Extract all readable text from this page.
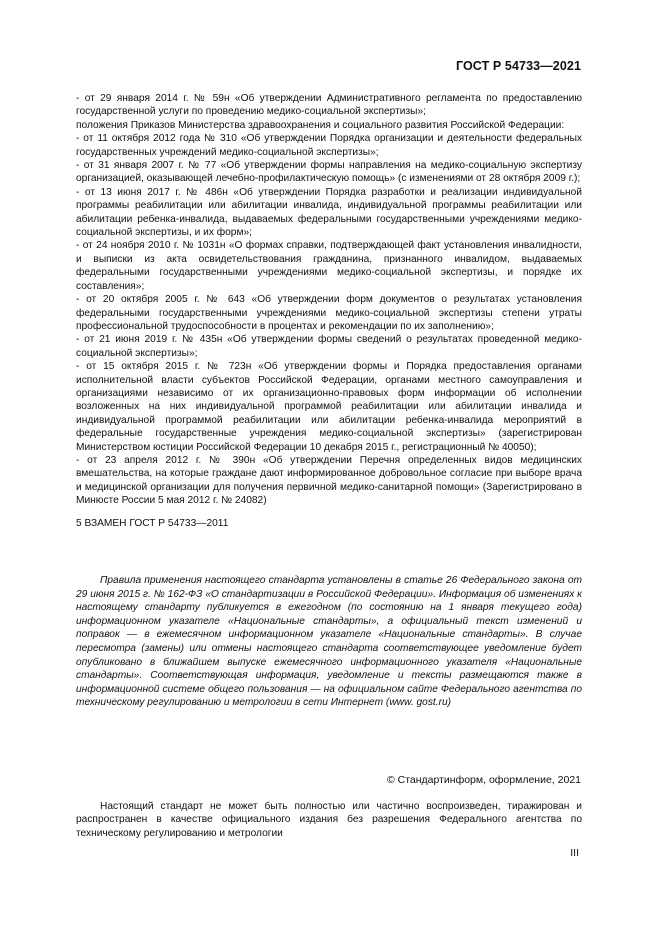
ГОСТ Р 54733—2021

- от 29 января 2014 г. № 59н «Об утверждении Административного регламента по предоставлению государственной услуги по проведению медико-социальной экспертизы»;

положения Приказов Министерства здравоохранения и социального развития Российской Федерации:

- от 11 октября 2012 года № 310 «Об утверждении Порядка организации и деятельности федеральных государственных учреждений медико-социальной экспертизы»;

- от 31 января 2007 г. № 77 «Об утверждении формы направления на медико-социальную экспертизу организацией, оказывающей лечебно-профилактическую помощь» (с изменениями от 28 октября 2009 г.);

- от 13 июня 2017 г. № 486н «Об утверждении Порядка разработки и реализации индивидуальной программы реабилитации или абилитации инвалида, индивидуальной программы реабилитации или абилитации ребенка-инвалида, выдаваемых федеральными государственными учреждениями медико-социальной экспертизы, и их форм»;

- от 24 ноября 2010 г. № 1031н «О формах справки, подтверждающей факт установления инвалидности, и выписки из акта освидетельствования гражданина, признанного инвалидом, выдаваемых федеральными государственными учреждениями медико-социальной экспертизы, и порядке их составления»;

- от 20 октября 2005 г. № 643 «Об утверждении форм документов о результатах установления федеральными государственными учреждениями медико-социальной экспертизы степени утраты профессиональной трудоспособности в процентах и рекомендации по их заполнению»;

- от 21 июня 2019 г. № 435н «Об утверждении формы сведений о результатах проведенной медико-социальной экспертизы»;

- от 15 октября 2015 г. № 723н «Об утверждении формы и Порядка предоставления органами исполнительной власти субъектов Российской Федерации, органами местного самоуправления и организациями независимо от их организационно-правовых форм информации об исполнении возложенных на них индивидуальной программой реабилитации или абилитации инвалида и индивидуальной программой реабилитации или абилитации ребенка-инвалида мероприятий в федеральные государственные учреждения медико-социальной экспертизы» (зарегистрирован Министерством юстиции Российской Федерации 10 декабря 2015 г., регистрационный № 40050);

- от 23 апреля 2012 г. № 390н «Об утверждении Перечня определенных видов медицинских вмешательства, на которые граждане дают информированное добровольное согласие при выборе врача и медицинской организации для получения первичной медико-санитарной помощи» (Зарегистрировано в Минюсте России 5 мая 2012 г. № 24082)

5 ВЗАМЕН ГОСТ Р 54733—2011
Правила применения настоящего стандарта установлены в статье 26 Федерального закона от 29 июня 2015 г. № 162-ФЗ «О стандартизации в Российской Федерации». Информация об изменениях к настоящему стандарту публикуется в ежегодном (по состоянию на 1 января текущего года) информационном указателе «Национальные стандарты», а официальный текст изменений и поправок — в ежемесячном информационном указателе «Национальные стандарты». В случае пересмотра (замены) или отмены настоящего стандарта соответствующее уведомление будет опубликовано в ближайшем выпуске ежемесячного информационного указателя «Национальные стандарты». Соответствующая информация, уведомление и тексты размещаются также в информационной системе общего пользования — на официальном сайте Федерального агентства по техническому регулированию и метрологии в сети Интернет (www. gost.ru)
© Стандартинформ, оформление, 2021
Настоящий стандарт не может быть полностью или частично воспроизведен, тиражирован и распространен в качестве официального издания без разрешения Федерального агентства по техническому регулированию и метрологии
III
